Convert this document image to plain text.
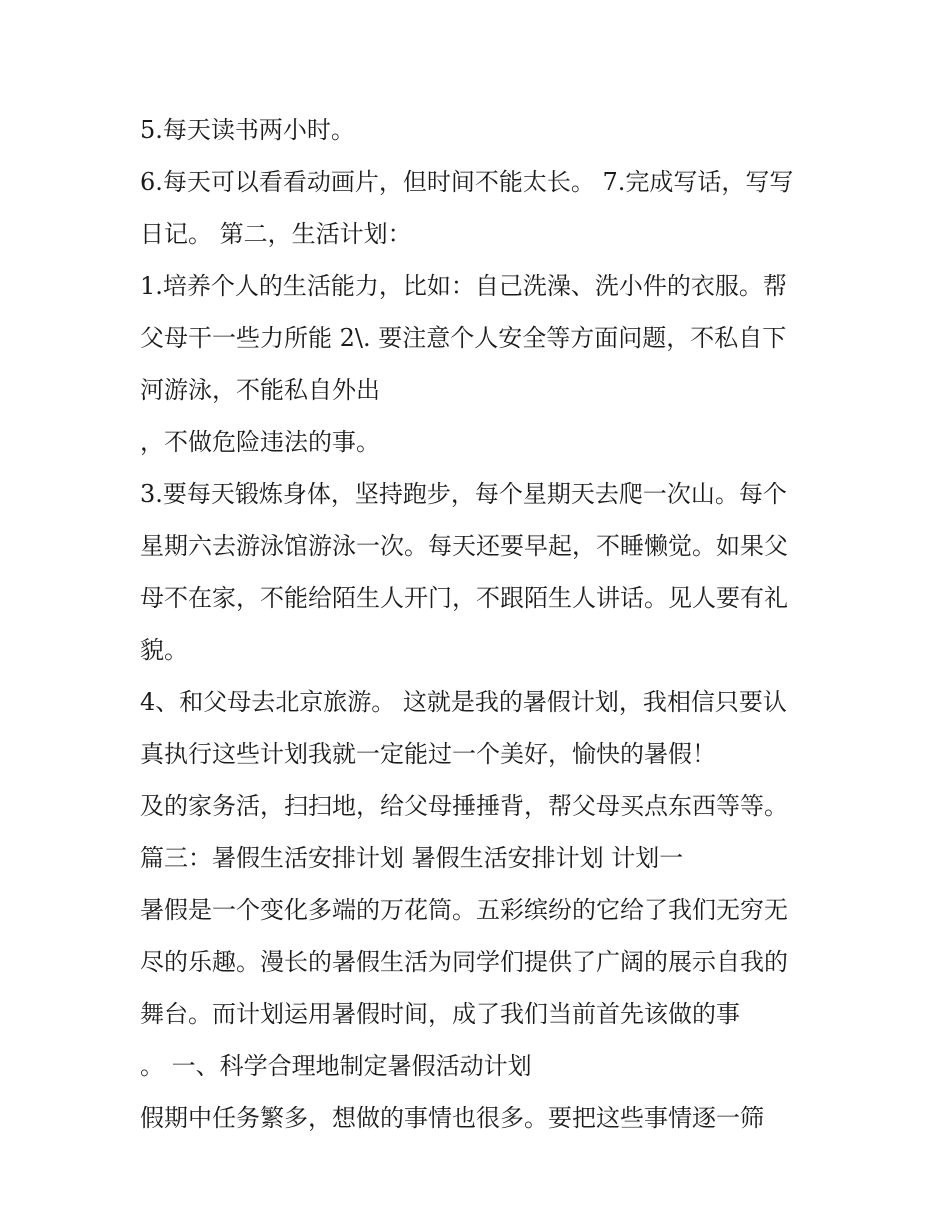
5.每天读书两小时。
6.每天可以看看动画片，但时间不能太长。 7.完成写话，写写
日记。 第二，生活计划：
1.培养个人的生活能力，比如：自己洗澡、洗小件的衣服。帮
父母干一些力所能 2\. 要注意个人安全等方面问题，不私自下
河游泳，不能私自外出
，不做危险违法的事。
3.要每天锻炼身体，坚持跑步，每个星期天去爬一次山。每个
星期六去游泳馆游泳一次。每天还要早起，不睡懒觉。如果父
母不在家，不能给陌生人开门，不跟陌生人讲话。见人要有礼
貌。
4、和父母去北京旅游。 这就是我的暑假计划，我相信只要认
真执行这些计划我就一定能过一个美好，愉快的暑假！
及的家务活，扫扫地，给父母捶捶背，帮父母买点东西等等。
篇三：暑假生活安排计划 暑假生活安排计划 计划一
暑假是一个变化多端的万花筒。五彩缤纷的它给了我们无穷无
尽的乐趣。漫长的暑假生活为同学们提供了广阔的展示自我的
舞台。而计划运用暑假时间，成了我们当前首先该做的事
。 一、科学合理地制定暑假活动计划
假期中任务繁多，想做的事情也很多。要把这些事情逐一筛
